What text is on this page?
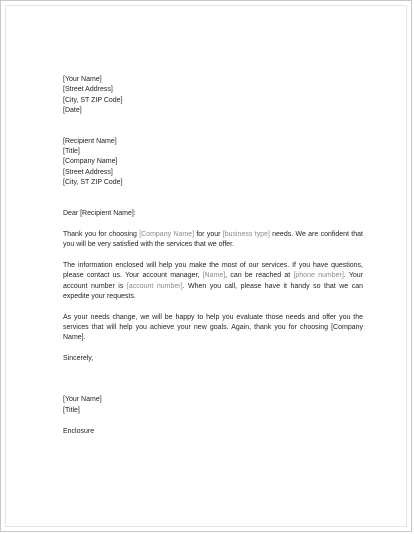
[Your Name]
[Street Address]
[City, ST ZIP Code]
[Date]
[Recipient Name]
[Title]
[Company Name]
[Street Address]
[City, ST ZIP Code]
Dear [Recipient Name]:
Thank you for choosing [Company Name] for your [business type] needs. We are confident that you will be very satisfied with the services that we offer.
The information enclosed will help you make the most of our services. If you have questions, please contact us. Your account manager, [Name], can be reached at [phone number]. Your account number is [account number]. When you call, please have it handy so that we can expedite your requests.
As your needs change, we will be happy to help you evaluate those needs and offer you the services that will help you achieve your new goals. Again, thank you for choosing [Company Name].
Sincerely,
[Your Name]
[Title]
Enclosure
